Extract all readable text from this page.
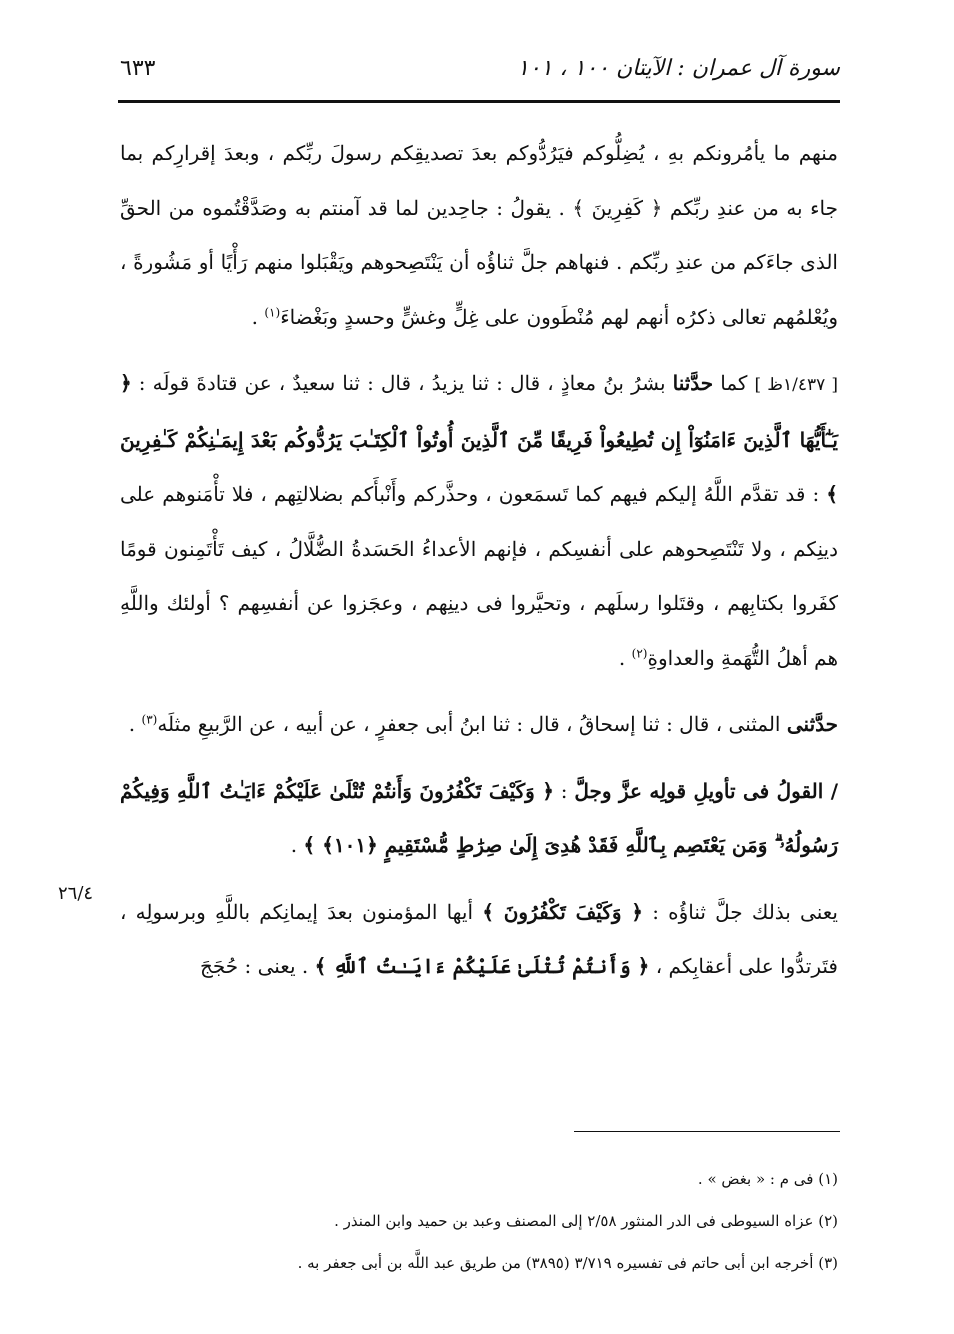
سورة آل عمران : الآيتان ١٠٠ ، ١٠١
٦٣٣

منهم ما يأمُرونكم بهِ ، يُضِلُّوكم فيَرُدُّوكم بعدَ تصديقِكم رسولَ ربِّكم ، وبعدَ إقرارِكم بما جاء به من عندِ ربِّكم ﴿ كَفِرِينَ ﴾ . يقولُ : جاحِدين لما قد آمنتم به وصَدَّقْتُموه من الحقِّ الذى جاءَكم من عندِ ربِّكم . فنهاهم جلَّ ثناؤُه أن يَنْتَصِحوهم ويَقْبَلوا منهم رَأْيًا أو مَشُورةً ، ويُعْلمُهم تعالى ذكرُه أنهم لهم مُنْطَوون على غِلٍّ وغشٍّ وحسدٍ وبَغْضاءَ$^{(١)}$ .

[ ١/٤٣٧ظ ] كما حدَّثنا بشرُ بنُ معاذٍ ، قال : ثنا يزيدُ ، قال : ثنا سعيدٌ ، عن قتادةَ قولَه : ﴿ يَـٰٓأَيُّهَا ٱلَّذِينَ ءَامَنُوٓاْ إِن تُطِيعُواْ فَرِيقًا مِّنَ ٱلَّذِينَ أُوتُواْ ٱلْكِتَـٰبَ يَرُدُّوكُم بَعْدَ إِيمَـٰنِكُمْ كَـٰفِرِينَ ﴾ : قد تقدَّم اللَّهُ إليكم فيهم كما تَسمَعون ، وحذَّركم وأَنْبأَكم بضلالتِهم ، فلا تأْمَنوهم على دينِكم ، ولا تَنْتَصِحوهم على أنفسِكم ، فإنهم الأعداءُ الحَسَدةُ الضُّلَّالُ ، كيف تَأْتَمِنون قومًا كفَروا بكتابِهم ، وقتَلوا رسلَهم ، وتحيَّروا فى دينِهم ، وعجَزوا عن أنفسِهم ؟ أولئك واللَّهِ هم أهلُ التُّهَمةِ والعداوةِ$^{(٢)}$ .

حدَّثنى المثنى ، قال : ثنا إسحاقُ ، قال : ثنا ابنُ أبى جعفرٍ ، عن أبيه ، عن الرَّبيعِ مثلَه$^{(٣)}$ .

/ القولُ فى تأويلِ قولِه عزَّ وجلَّ : ﴿ وَكَيْفَ تَكْفُرُونَ وَأَنتُمْ تُتْلَىٰ عَلَيْكُمْ ءَايَـٰتُ ٱللَّهِ وَفِيكُمْ رَسُولُهُۥ ۗ وَمَن يَعْتَصِم بِٱللَّهِ فَقَدْ هُدِىَ إِلَىٰ صِرَٰطٍ مُّسْتَقِيمٍ ﴿١٠١﴾ ﴾ .

يعنى بذلك جلَّ ثناؤُه : ﴿ وَكَيْفَ تَكْفُرُونَ ﴾ أيها المؤمنون بعدَ إيمانِكم باللَّهِ وبرسولِه ، فتَرتدُّوا على أعقابِكم ، ﴿ وَأَنتُمْ تُتْلَىٰ عَلَيْكُمْ ءَايَـٰتُ ٱللَّهِ ﴾ . يعنى : حُجَجَ

٢٦/٤
(١) فى م : « بغض » .
(٢) عزاه السيوطى فى الدر المنثور ٢/٥٨ إلى المصنف وعبد بن حميد وابن المنذر .
(٣) أخرجه ابن أبى حاتم فى تفسيره ٣/٧١٩ (٣٨٩٥) من طريق عبد اللَّه بن أبى جعفر به .
